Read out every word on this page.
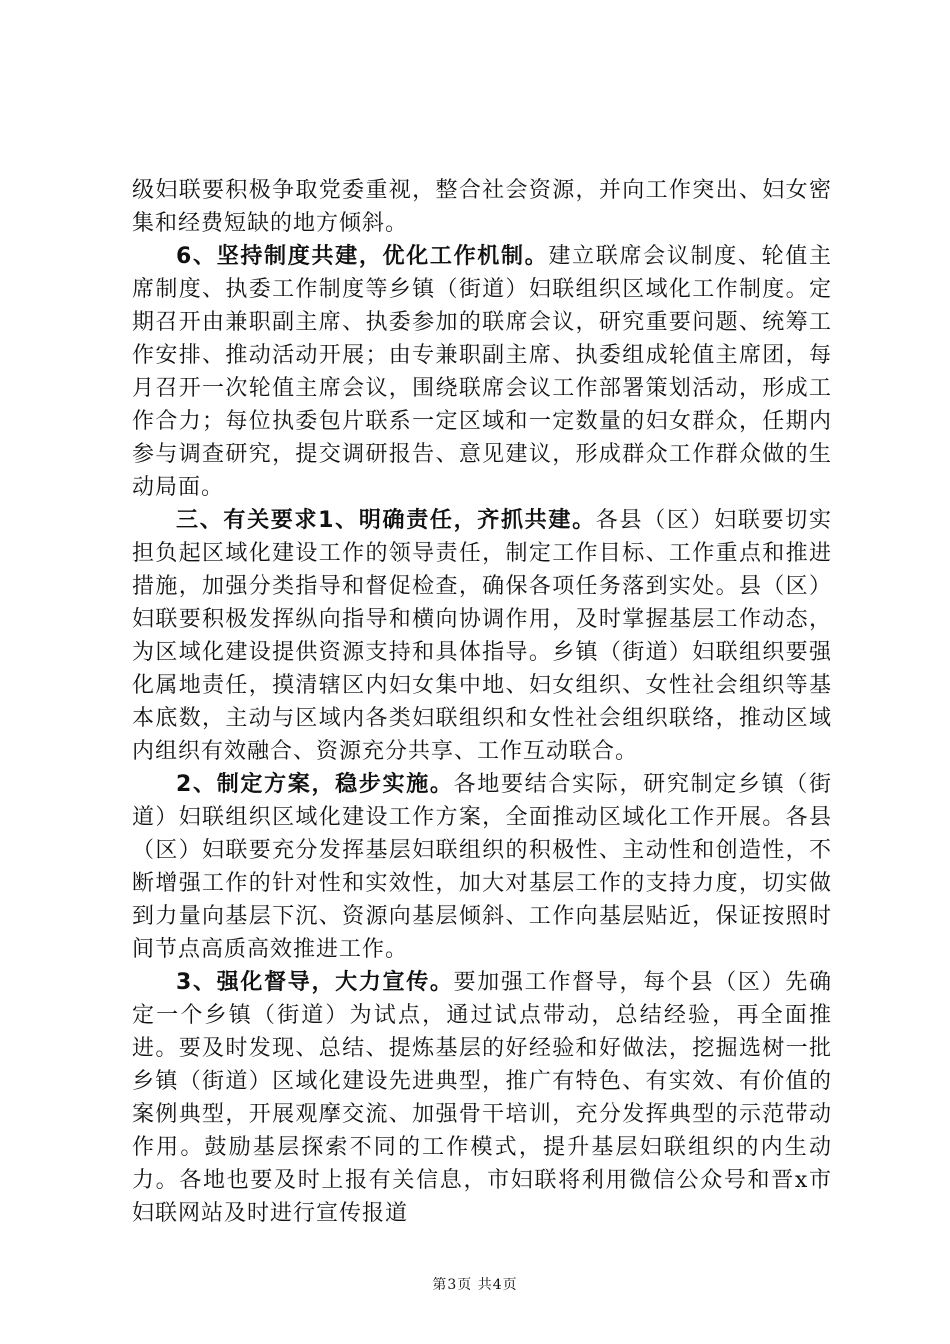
级妇联要积极争取党委重视，整合社会资源，并向工作突出、妇女密集和经费短缺的地方倾斜。

6、坚持制度共建，优化工作机制。建立联席会议制度、轮值主席制度、执委工作制度等乡镇（街道）妇联组织区域化工作制度。定期召开由兼职副主席、执委参加的联席会议，研究重要问题、统筹工作安排、推动活动开展；由专兼职副主席、执委组成轮值主席团，每月召开一次轮值主席会议，围绕联席会议工作部署策划活动，形成工作合力；每位执委包片联系一定区域和一定数量的妇女群众，任期内参与调查研究，提交调研报告、意见建议，形成群众工作群众做的生动局面。

三、有关要求1、明确责任，齐抓共建。各县（区）妇联要切实担负起区域化建设工作的领导责任，制定工作目标、工作重点和推进措施，加强分类指导和督促检查，确保各项任务落到实处。县（区）妇联要积极发挥纵向指导和横向协调作用，及时掌握基层工作动态，为区域化建设提供资源支持和具体指导。乡镇（街道）妇联组织要强化属地责任，摸清辖区内妇女集中地、妇女组织、女性社会组织等基本底数，主动与区域内各类妇联组织和女性社会组织联络，推动区域内组织有效融合、资源充分共享、工作互动联合。

2、制定方案，稳步实施。各地要结合实际，研究制定乡镇（街道）妇联组织区域化建设工作方案，全面推动区域化工作开展。各县（区）妇联要充分发挥基层妇联组织的积极性、主动性和创造性，不断增强工作的针对性和实效性，加大对基层工作的支持力度，切实做到力量向基层下沉、资源向基层倾斜、工作向基层贴近，保证按照时间节点高质高效推进工作。

3、强化督导，大力宣传。要加强工作督导，每个县（区）先确定一个乡镇（街道）为试点，通过试点带动，总结经验，再全面推进。要及时发现、总结、提炼基层的好经验和好做法，挖掘选树一批乡镇（街道）区域化建设先进典型，推广有特色、有实效、有价值的案例典型，开展观摩交流、加强骨干培训，充分发挥典型的示范带动作用。鼓励基层探索不同的工作模式，提升基层妇联组织的内生动力。各地也要及时上报有关信息，市妇联将利用微信公众号和晋x市妇联网站及时进行宣传报道

第3页 共4页
